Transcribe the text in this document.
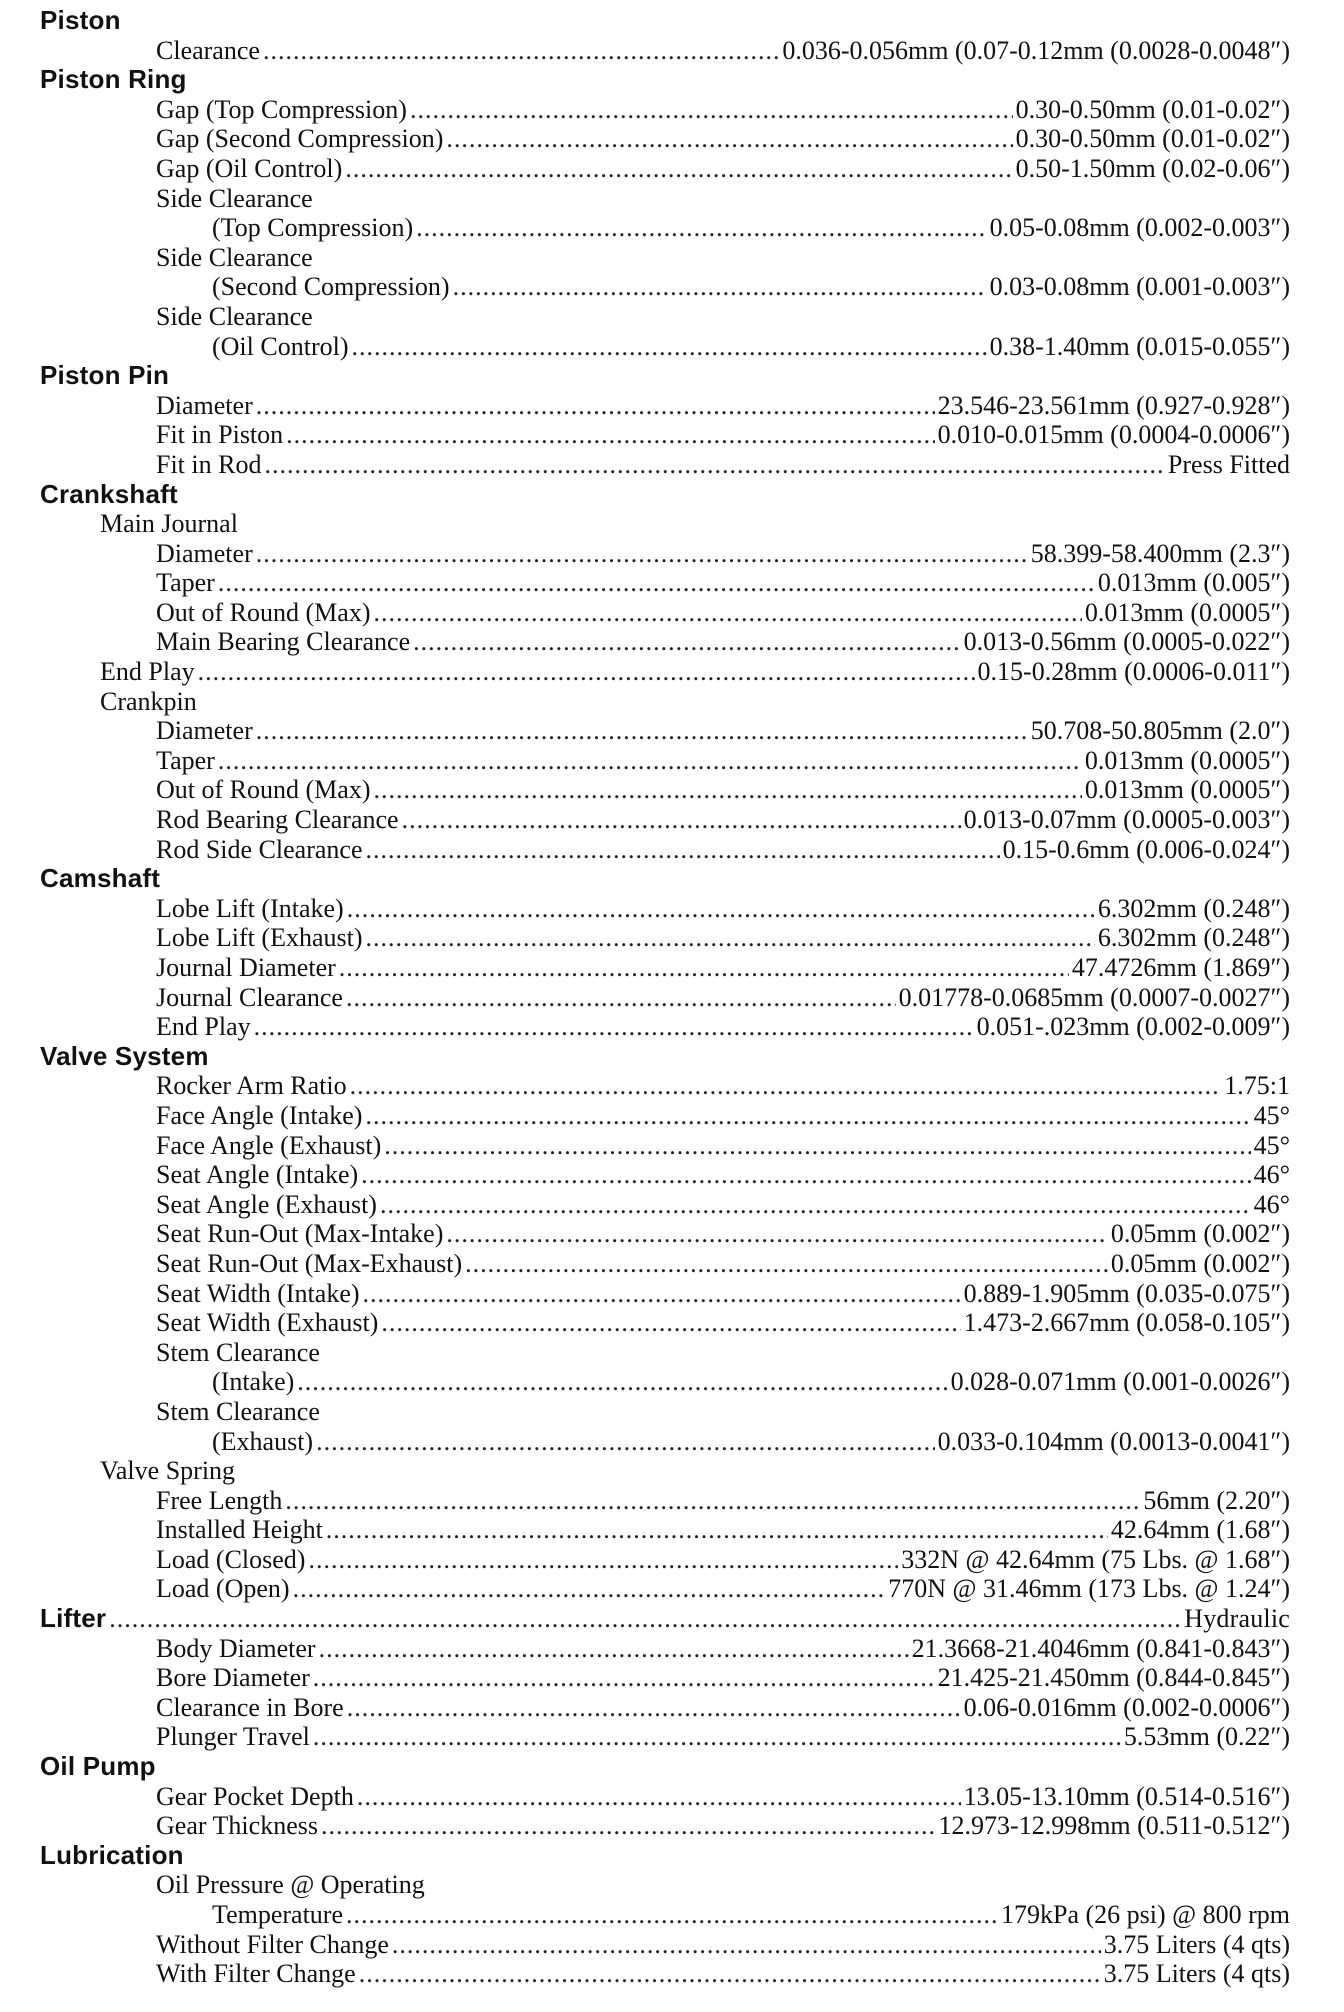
Piston
Clearance .....	0.036-0.056mm (0.07-0.12mm (0.0028-0.0048″)
Piston Ring
Gap (Top Compression) .....	0.30-0.50mm (0.01-0.02″)
Gap (Second Compression) .....	0.30-0.50mm (0.01-0.02″)
Gap (Oil Control) .....	0.50-1.50mm (0.02-0.06″)
Side Clearance
(Top Compression) .....	0.05-0.08mm (0.002-0.003″)
Side Clearance
(Second Compression) .....	0.03-0.08mm (0.001-0.003″)
Side Clearance
(Oil Control) .....	0.38-1.40mm (0.015-0.055″)
Piston Pin
Diameter .....	23.546-23.561mm (0.927-0.928″)
Fit in Piston .....	0.010-0.015mm (0.0004-0.0006″)
Fit in Rod .....	Press Fitted
Crankshaft
Main Journal
Diameter .....	58.399-58.400mm (2.3″)
Taper .....	0.013mm (0.005″)
Out of Round (Max) .....	0.013mm (0.0005″)
Main Bearing Clearance .....	0.013-0.56mm (0.0005-0.022″)
End Play .....	0.15-0.28mm (0.0006-0.011″)
Crankpin
Diameter .....	50.708-50.805mm (2.0″)
Taper .....	0.013mm (0.0005″)
Out of Round (Max) .....	0.013mm (0.0005″)
Rod Bearing Clearance .....	0.013-0.07mm (0.0005-0.003″)
Rod Side Clearance .....	0.15-0.6mm (0.006-0.024″)
Camshaft
Lobe Lift (Intake) .....	6.302mm (0.248″)
Lobe Lift (Exhaust) .....	6.302mm (0.248″)
Journal Diameter .....	47.4726mm (1.869″)
Journal Clearance .....	0.01778-0.0685mm (0.0007-0.0027″)
End Play .....	0.051-.023mm (0.002-0.009″)
Valve System
Rocker Arm Ratio .....	1.75:1
Face Angle (Intake) .....	45°
Face Angle (Exhaust) .....	45°
Seat Angle (Intake) .....	46°
Seat Angle (Exhaust) .....	46°
Seat Run-Out (Max-Intake) .....	0.05mm (0.002″)
Seat Run-Out (Max-Exhaust) .....	0.05mm (0.002″)
Seat Width (Intake) .....	0.889-1.905mm (0.035-0.075″)
Seat Width (Exhaust) .....	1.473-2.667mm (0.058-0.105″)
Stem Clearance
(Intake) .....	0.028-0.071mm (0.001-0.0026″)
Stem Clearance
(Exhaust) .....	0.033-0.104mm (0.0013-0.0041″)
Valve Spring
Free Length .....	56mm (2.20″)
Installed Height .....	42.64mm (1.68″)
Load (Closed) .....	332N @ 42.64mm (75 Lbs. @ 1.68″)
Load (Open) .....	770N @ 31.46mm (173 Lbs. @ 1.24″)
Lifter .....	Hydraulic
Body Diameter .....	21.3668-21.4046mm (0.841-0.843″)
Bore Diameter .....	21.425-21.450mm (0.844-0.845″)
Clearance in Bore .....	0.06-0.016mm (0.002-0.0006″)
Plunger Travel .....	5.53mm (0.22″)
Oil Pump
Gear Pocket Depth .....	13.05-13.10mm (0.514-0.516″)
Gear Thickness .....	12.973-12.998mm (0.511-0.512″)
Lubrication
Oil Pressure @ Operating
Temperature .....	179kPa (26 psi) @ 800 rpm
Without Filter Change .....	3.75 Liters (4 qts)
With Filter Change .....	3.75 Liters (4 qts)
